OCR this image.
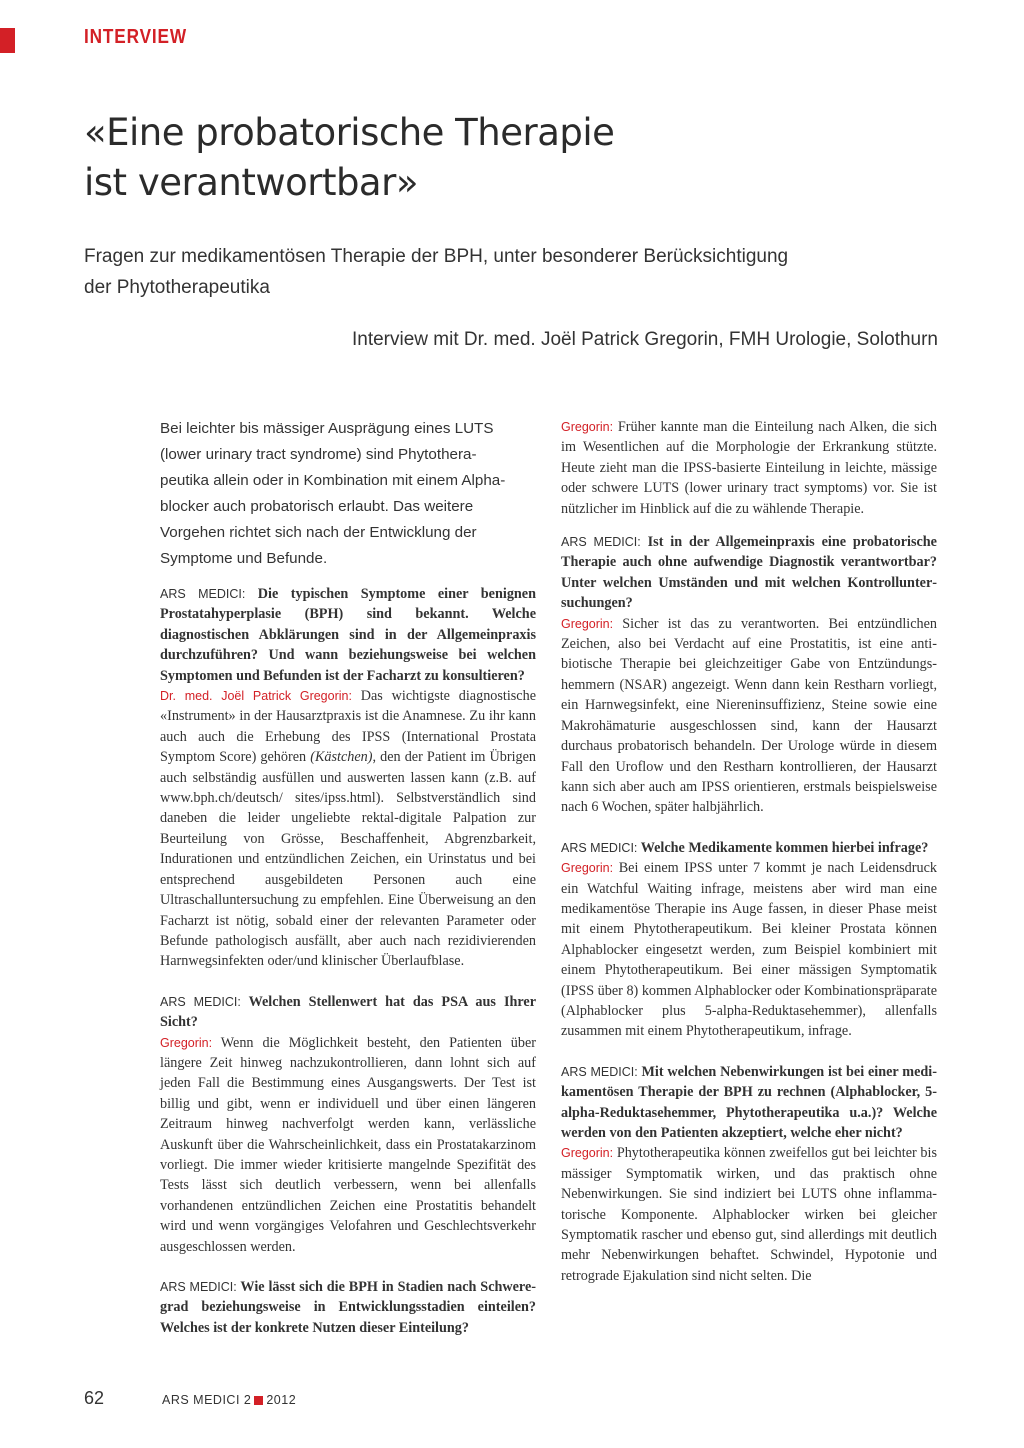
INTERVIEW
«Eine probatorische Therapie
ist verantwortbar»
Fragen zur medikamentösen Therapie der BPH, unter besonderer Berücksichtigung
der Phytotherapeutika
Interview mit Dr. med. Joël Patrick Gregorin, FMH Urologie, Solothurn

Bei leichter bis mässiger Ausprägung eines LUTS
(lower urinary tract syndrome) sind Phytothera-
peutika allein oder in Kombination mit einem Alpha-
blocker auch probatorisch erlaubt. Das weitere
Vorgehen richtet sich nach der Entwicklung der
Symptome und Befunde.

ARS MEDICI: Die typischen Symptome einer benignen Prostatahyperplasie (BPH) sind bekannt. Welche diagnostischen Abklärungen sind in der Allgemeinpraxis durchzuführen? Und wann beziehungsweise bei welchen Symptomen und Befunden ist der Facharzt zu konsultieren?

Dr. med. Joël Patrick Gregorin: Das wichtigste diagnostische «Instrument» in der Hausarztpraxis ist die Anamnese. Zu ihr kann auch auch die Erhebung des IPSS (International Prostata Symptom Score) gehören (Kästchen), den der Patient im Übrigen auch selbständig ausfüllen und auswerten lassen kann (z.B. auf www.bph.ch/deutsch/ sites/ipss.html). Selbstverständlich sind daneben die leider ungeliebte rektal-digitale Palpation zur Beurteilung von Grösse, Beschaffenheit, Abgrenzbarkeit, Indurationen und entzündlichen Zeichen, ein Urinstatus und bei entsprechend ausgebildeten Personen auch eine Ultraschalluntersuchung zu empfehlen. Eine Überweisung an den Facharzt ist nötig, sobald einer der relevanten Parameter oder Befunde pathologisch ausfällt, aber auch nach rezidivierenden Harnwegsinfekten oder/und klinischer Überlaufblase.

ARS MEDICI: Welchen Stellenwert hat das PSA aus Ihrer Sicht?

Gregorin: Wenn die Möglichkeit besteht, den Patienten über längere Zeit hinweg nachzukontrollieren, dann lohnt sich auf jeden Fall die Bestimmung eines Ausgangswerts. Der Test ist billig und gibt, wenn er individuell und über einen längeren Zeitraum hinweg nachverfolgt werden kann, verlässliche Auskunft über die Wahrscheinlichkeit, dass ein Prostatakarzinom vorliegt. Die immer wieder kritisierte mangelnde Spezifität des Tests lässt sich deutlich verbessern, wenn bei allenfalls vorhandenen entzündlichen Zeichen eine Prostatitis behandelt wird und wenn vorgängiges Velofahren und Geschlechtsverkehr ausgeschlossen werden.

ARS MEDICI: Wie lässt sich die BPH in Stadien nach Schweregrad beziehungsweise in Entwicklungsstadien einteilen? Welches ist der konkrete Nutzen dieser Einteilung?

Gregorin: Früher kannte man die Einteilung nach Alken, die sich im Wesentlichen auf die Morphologie der Erkrankung stützte. Heute zieht man die IPSS-basierte Einteilung in leichte, mässige oder schwere LUTS (lower urinary tract symptoms) vor. Sie ist nützlicher im Hinblick auf die zu wählende Therapie.

ARS MEDICI: Ist in der Allgemeinpraxis eine probatorische Therapie auch ohne aufwendige Diagnostik verantwortbar? Unter welchen Umständen und mit welchen Kontrolluntersuchungen?

Gregorin: Sicher ist das zu verantworten. Bei entzündlichen Zeichen, also bei Verdacht auf eine Prostatitis, ist eine antibiotische Therapie bei gleichzeitiger Gabe von Entzündungshemmern (NSAR) angezeigt. Wenn dann kein Restharn vorliegt, ein Harnwegsinfekt, eine Niereninsuffizienz, Steine sowie eine Makrohämaturie ausgeschlossen sind, kann der Hausarzt durchaus probatorisch behandeln. Der Urologe würde in diesem Fall den Uroflow und den Restharn kontrollieren, der Hausarzt kann sich aber auch am IPSS orientieren, erstmals beispielsweise nach 6 Wochen, später halbjährlich.

ARS MEDICI: Welche Medikamente kommen hierbei infrage?

Gregorin: Bei einem IPSS unter 7 kommt je nach Leidensdruck ein Watchful Waiting infrage, meistens aber wird man eine medikamentöse Therapie ins Auge fassen, in dieser Phase meist mit einem Phytotherapeutikum. Bei kleiner Prostata können Alphablocker eingesetzt werden, zum Beispiel kombiniert mit einem Phytotherapeutikum. Bei einer mässigen Symptomatik (IPSS über 8) kommen Alphablocker oder Kombinationspräparate (Alphablocker plus 5-alpha-Reduktasehemmer), allenfalls zusammen mit einem Phytotherapeutikum, infrage.

ARS MEDICI: Mit welchen Nebenwirkungen ist bei einer medikamentösen Therapie der BPH zu rechnen (Alphablocker, 5-alpha-Reduktasehemmer, Phytotherapeutika u.a.)? Welche werden von den Patienten akzeptiert, welche eher nicht?

Gregorin: Phytotherapeutika können zweifellos gut bei leichter bis mässiger Symptomatik wirken, und das praktisch ohne Nebenwirkungen. Sie sind indiziert bei LUTS ohne inflammatorische Komponente. Alphablocker wirken bei gleicher Symptomatik rascher und ebenso gut, sind allerdings mit deutlich mehr Nebenwirkungen behaftet. Schwindel, Hypotonie und retrograde Ejakulation sind nicht selten. Die

62	ARS MEDICI 2 2012
